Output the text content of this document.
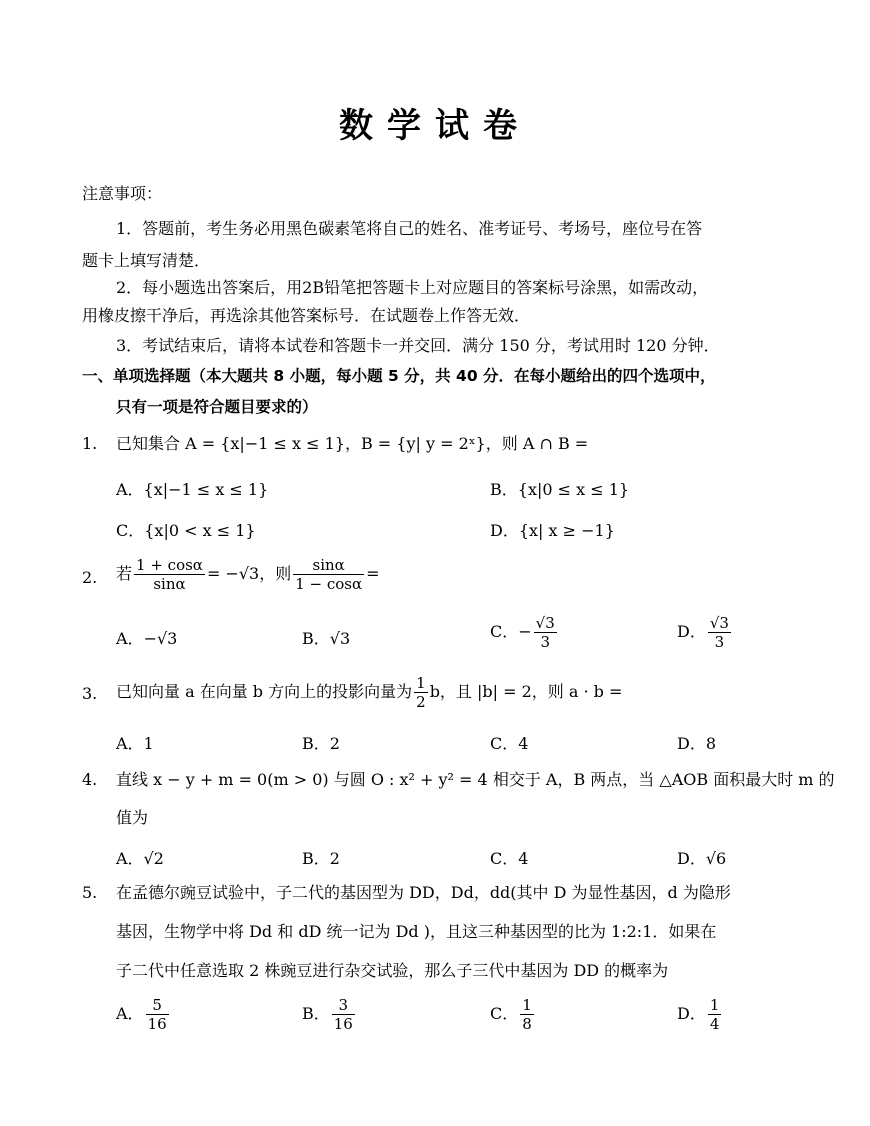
数学试卷
注意事项：
1．答题前，考生务必用黑色碳素笔将自己的姓名、准考证号、考场号，座位号在答
题卡上填写清楚．
2．每小题选出答案后，用2B铅笔把答题卡上对应题目的答案标号涂黑，如需改动，
用橡皮擦干净后，再选涂其他答案标号．在试题卷上作答无效．
3．考试结束后，请将本试卷和答题卡一并交回．满分 150 分，考试用时 120 分钟．
一、单项选择题（本大题共 8 小题，每小题 5 分，共 40 分．在每小题给出的四个选项中，
只有一项是符合题目要求的）
1. 已知集合 A = {x|−1 ≤ x ≤ 1}，B = {y| y = 2ˣ}，则 A ∩ B =
A．{x|−1 ≤ x ≤ 1}	B．{x|0 ≤ x ≤ 1}
C．{x|0 < x ≤ 1}	D．{x| x ≥ −1}
2. 若 $\frac{1 + \cos\alpha}{\sin\alpha} = -√3$，则 $\frac{\sin\alpha}{1 - \cos\alpha}$ =
A．−√3	B．√3	C．− $\frac{√3}{3}$	D． $\frac{√3}{3}$
3. 已知向量 a 在向量 b 方向上的投影向量为 $\frac{1}{2}$ b，且 |b| = 2，则 a · b =
A．1	B．2	C．4	D．8
4. 直线 x − y + m = 0(m > 0) 与圆 O : x² + y² = 4 相交于 A，B 两点，当 △AOB 面积最大时 m 的
值为
A．√2	B．2	C．4	D．√6
5. 在孟德尔豌豆试验中，子二代的基因型为 DD，Dd，dd(其中 D 为显性基因，d 为隐形
基因，生物学中将 Dd 和 dD 统一记为 Dd )，且这三种基因型的比为 1:2:1．如果在
子二代中任意选取 2 株豌豆进行杂交试验，那么子三代中基因为 DD 的概率为
A． $\frac{5}{16}$	B． $\frac{3}{16}$	C． $\frac{1}{8}$	D． $\frac{1}{4}$
